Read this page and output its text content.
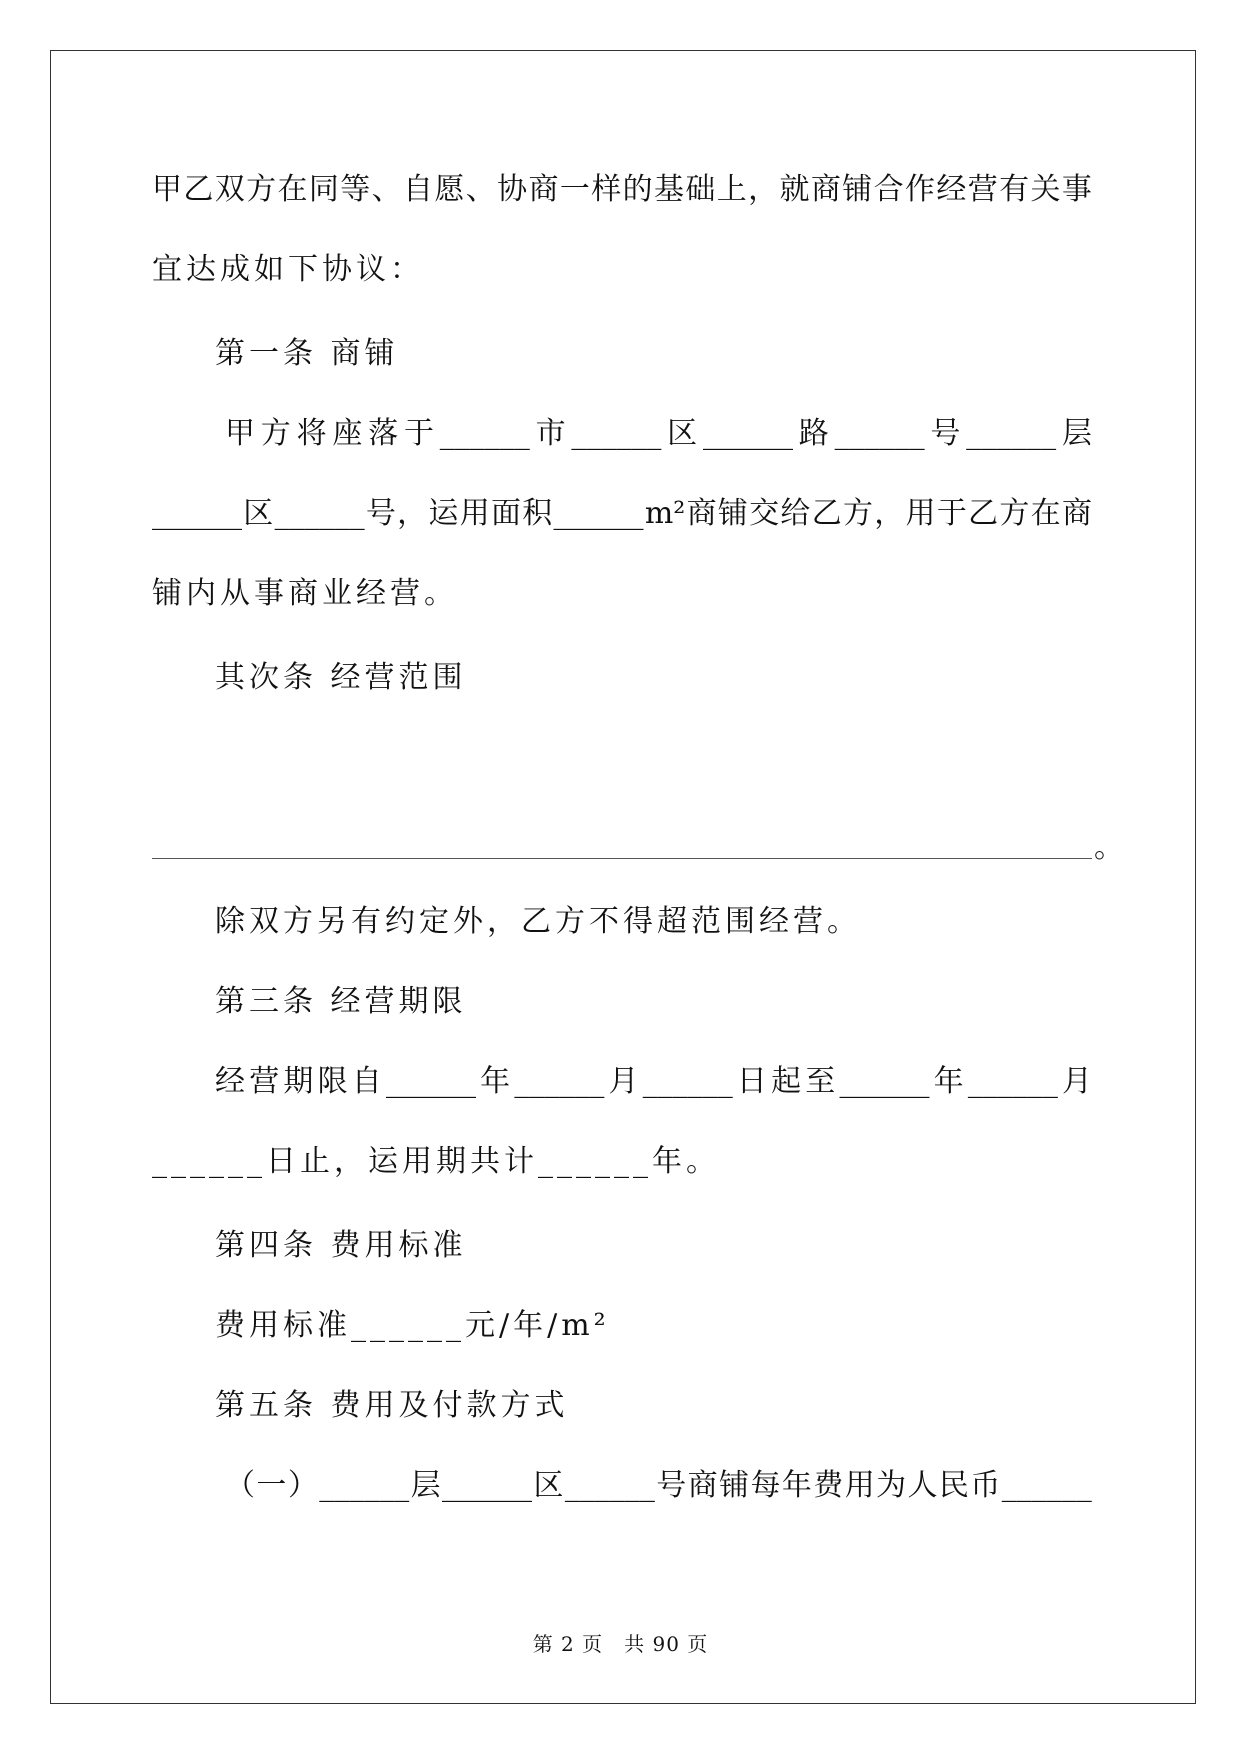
甲 乙 双 方 在 同 等 、 自 愿 、 协 商 一 样 的 基 础 上 ， 就 商 铺 合 作 经 营 有 关 事
宜达成如下协议：
第一条 商铺
甲 方 将 座 落 于 ______ 市 ______ 区 ______ 路 ______ 号 ______ 层
______ 区 ______ 号 ， 运 用 面 积 ______ m² 商 铺 交 给 乙 方 ， 用 于 乙 方 在 商
铺内从事商业经营。
其次条 经营范围
。
除双方另有约定外，乙方不得超范围经营。
第三条 经营期限
经 营 期 限 自 ______ 年 ______ 月 ______ 日 起 至 ______ 年 ______ 月
______日止，运用期共计______年。
第四条 费用标准
费用标准______元/年/m²
第五条 费用及付款方式
（ 一 ） ______ 层 ______ 区 ______ 号 商 铺 每 年 费 用 为 人 民 币 ______
第 2 页　共 90 页
